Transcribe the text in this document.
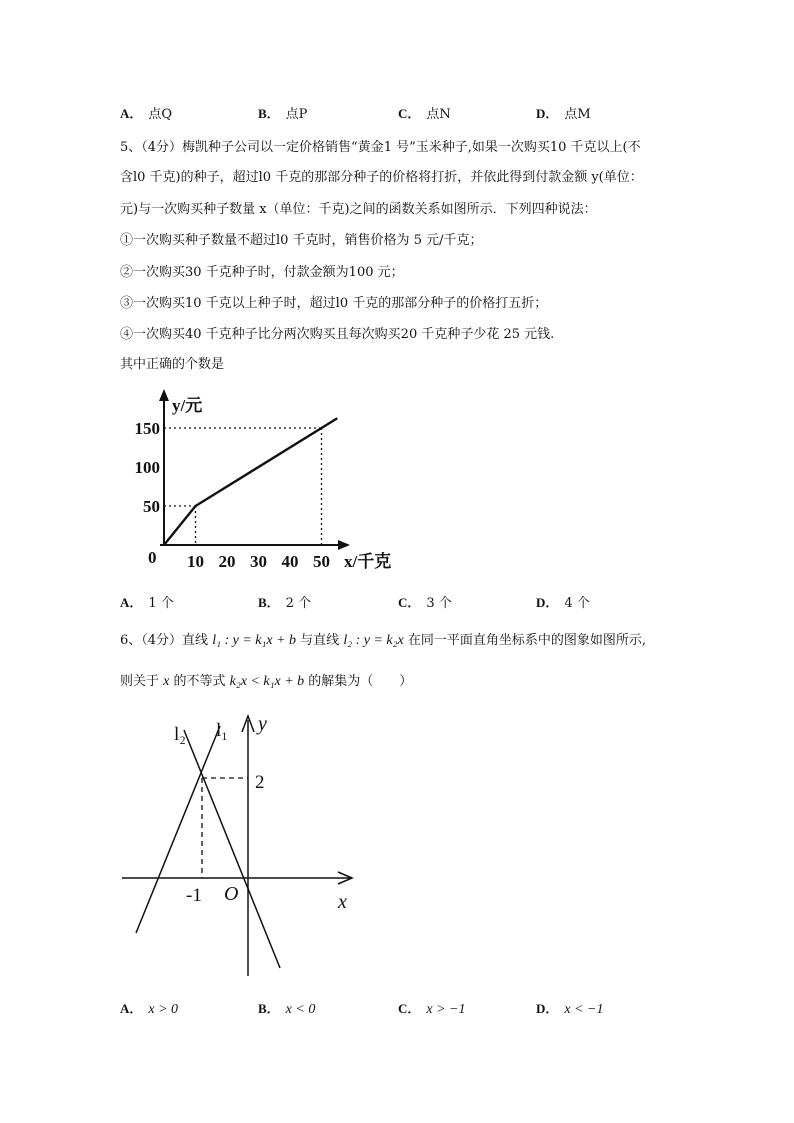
A． 点Q	B． 点P	C． 点N	D． 点M
5、（4分）梅凯种子公司以一定价格销售“黄金1 号”玉米种子,如果一次购买10 千克以上(不
含l0 千克)的种子，超过l0 千克的那部分种子的价格将打折，并依此得到付款金额 y(单位：
元)与一次购买种子数量 x（单位：千克)之间的函数关系如图所示．下列四种说法：
①一次购买种子数量不超过l0 千克时，销售价格为 5 元/千克；
②一次购买30 千克种子时，付款金额为100 元；
③一次购买10 千克以上种子时，超过l0 千克的那部分种子的价格打五折；
④一次购买40 千克种子比分两次购买且每次购买20 千克种子少花 25 元钱.
其中正确的个数是
10 20 30 40 50
50
100
150
y/元
x/千克
0
A． 1 个	B． 2 个	C． 3 个	D． 4 个
6、（4分）直线 l₁ : y = k₁x + b 与直线 l₂ : y = k₂x 在同一平面直角坐标系中的图象如图所示,
则关于 x 的不等式 k₂x < k₁x + b 的解集为（　　）
l₂ l₁ y
2
-1 O	x
A． x > 0	B． x < 0	C． x > −1	D． x < −1
